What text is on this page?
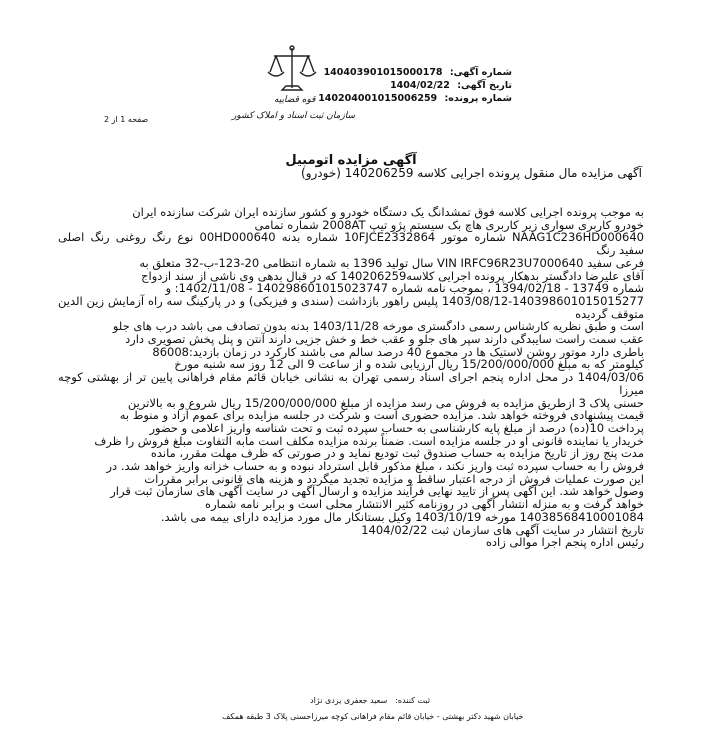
شماره آگهی: 140403901015000178
تاریخ آگهی: 1404/02/22
شماره پرونده: 140204001015006259
قوه قضاییه
سازمان ثبت اسناد و املاک کشور
صفحه 1 از 2
آگهی مزایده اتومبیل
آگهی مزایده مال منقول پرونده اجرایی کلاسه 140206259 (خودرو)
به موجب پرونده اجرایی کلاسه فوق تمشدانگ یک دستگاه خودرو و کشور سازنده ایران شرکت سازنده ایران
خودرو کاربری سواری زیر کاربری هاچ بک سیستم پژو تیپ 2008AT شماره تمامی
NAAG1C236HD000640 شماره موتور 10FJCE2332864 شماره بدنه 00HD000640 نوع رنگ روغنی رنگ اصلی سفید رنگ
فرعی سفید VIN IRFC96R23U7000640 سال تولید 1396 به شماره انتظامی 20-123-ب-32 متعلق به
آقای علیرضا دادگستر بدهکار پرونده اجرایی کلاسه140206259 که در قبال بدهی وی ناشی از سند ازدواج
شماره 13749 - 1394/02/18 ، بموجب نامه شماره 140298601015023747 - 1402/11/08: و
1403/08/12-140398601015015277 پلیس راهور بازداشت (سندی و فیزیکی) و در پارکینگ سه راه آزمایش زین الدین متوقف گردیده
است و طبق نظریه کارشناس رسمی دادگستری مورخه 1403/11/28 بدنه بدون تصادف می باشد درب های جلو
عقب سمت راست سایبدگی دارند سپر های جلو و عقب خط و خش جزیی دارند آنتن و پنل پخش تصویری دارد
باطری دارد موتور روشن لاستیک ها در مجموع 40 درصد سالم می باشند کارکرد در زمان بازدید:86008
کیلومتر که به مبلغ 15/200/000/000 ریال ارزیابی شده و از ساعت 9 الی 12 روز سه شنبه مورخ
1404/03/06 در محل اداره پنجم اجرای اسناد رسمی تهران به نشانی خیابان قائم مقام فراهانی پایین تر از بهشتی کوچه میرزا
حسنی پلاک 3 ازطریق مزایده به فروش می رسد مزایده از مبلغ 15/200/000/000 ریال شروع و به بالاترین
قیمت پیشنهادی فروخته خواهد شد. مزایده حضوری است و شرکت در جلسه مزایده برای عموم آزاد و منوط به
پرداخت 10(ده) درصد از مبلغ پایه کارشناسی به حساب سپرده ثبت و تحت شناسه واریز اعلامی و حضور
خریدار یا نماینده قانونی او در جلسه مزایده است. ضمناً برنده مزایده مکلف است مابه التفاوت مبلغ فروش را ظرف
مدت پنج روز از تاریخ مزایده به حساب صندوق ثبت تودیع نماید و در صورتی که ظرف مهلت مقرر، مانده
فروش را به حساب سپرده ثبت واریز نکند ، مبلغ مذکور قابل استرداد نبوده و به حساب خزانه واریز خواهد شد. در
این صورت عملیات فروش از درجه اعتبار ساقط و مزایده تجدید میگردد و هزینه های قانونی برابر مقررات
وصول خواهد شد. این آگهی پس از تایید نهایی فرآیند مزایده و ارسال آگهی در سایت آگهی های سازمان ثبت قرار
خواهد گرفت و به منزله انتشار آگهی در روزنامه کثیر الانتشار محلی است و برابر نامه شماره
14038568410001084 مورخه 1403/10/19 وکیل بستانکار مال مورد مزایده دارای بیمه می باشد.
تاریخ انتشار در سایت آگهی های سازمان ثبت 1404/02/22
رئیس اداره پنجم اجرا موالی زاده
ثبت کننده:
سعید جعفری یزدی نژاد
خیابان شهید دکتر بهشتی - خیابان قائم مقام فراهانی کوچه میرزاحسنی پلاک 3 طبقه همکف
